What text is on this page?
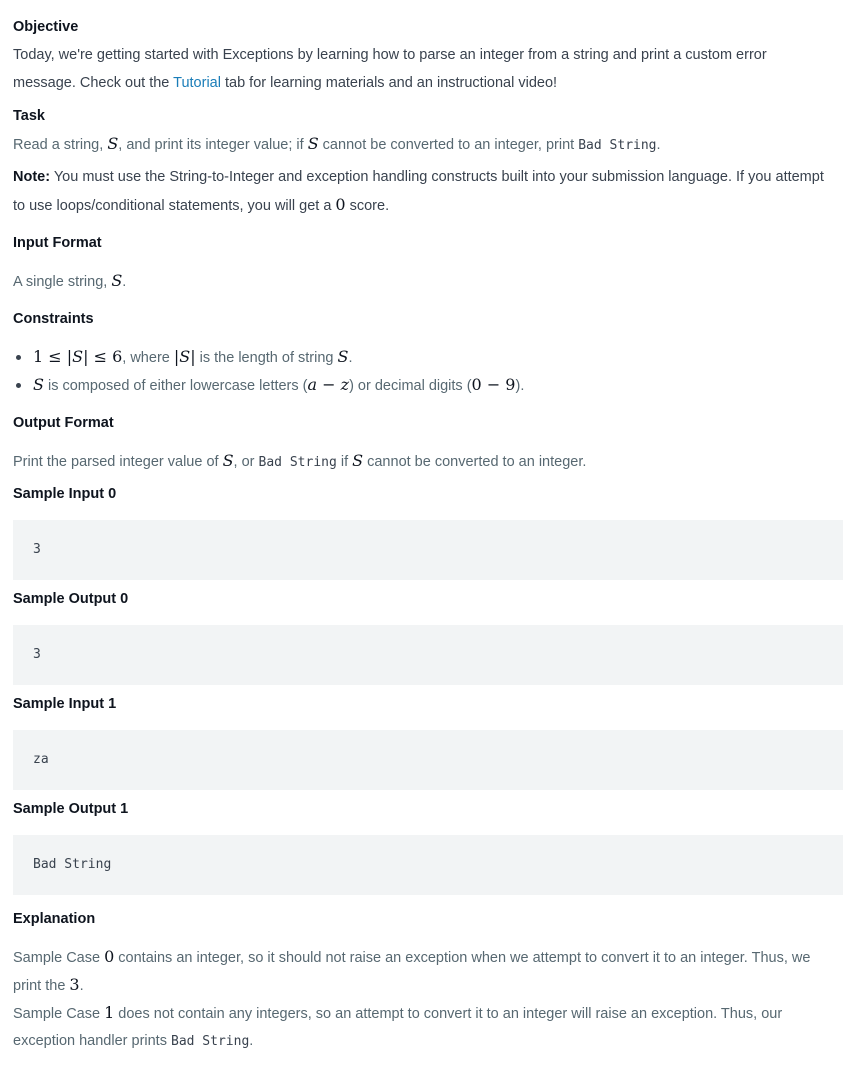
Objective
Today, we're getting started with Exceptions by learning how to parse an integer from a string and print a custom error
message. Check out the Tutorial tab for learning materials and an instructional video!
Task
Read a string, S, and print its integer value; if S cannot be converted to an integer, print Bad String.
Note: You must use the String-to-Integer and exception handling constructs built into your submission language. If you attempt
to use loops/conditional statements, you will get a 0 score.
Input Format
A single string, S.
Constraints
1 ≤ |S| ≤ 6, where |S| is the length of string S.
S is composed of either lowercase letters (a − z) or decimal digits (0 − 9).
Output Format
Print the parsed integer value of S, or Bad String if S cannot be converted to an integer.
Sample Input 0
3
Sample Output 0
3
Sample Input 1
za
Sample Output 1
Bad String
Explanation
Sample Case 0 contains an integer, so it should not raise an exception when we attempt to convert it to an integer. Thus, we
print the 3.
Sample Case 1 does not contain any integers, so an attempt to convert it to an integer will raise an exception. Thus, our
exception handler prints Bad String.
